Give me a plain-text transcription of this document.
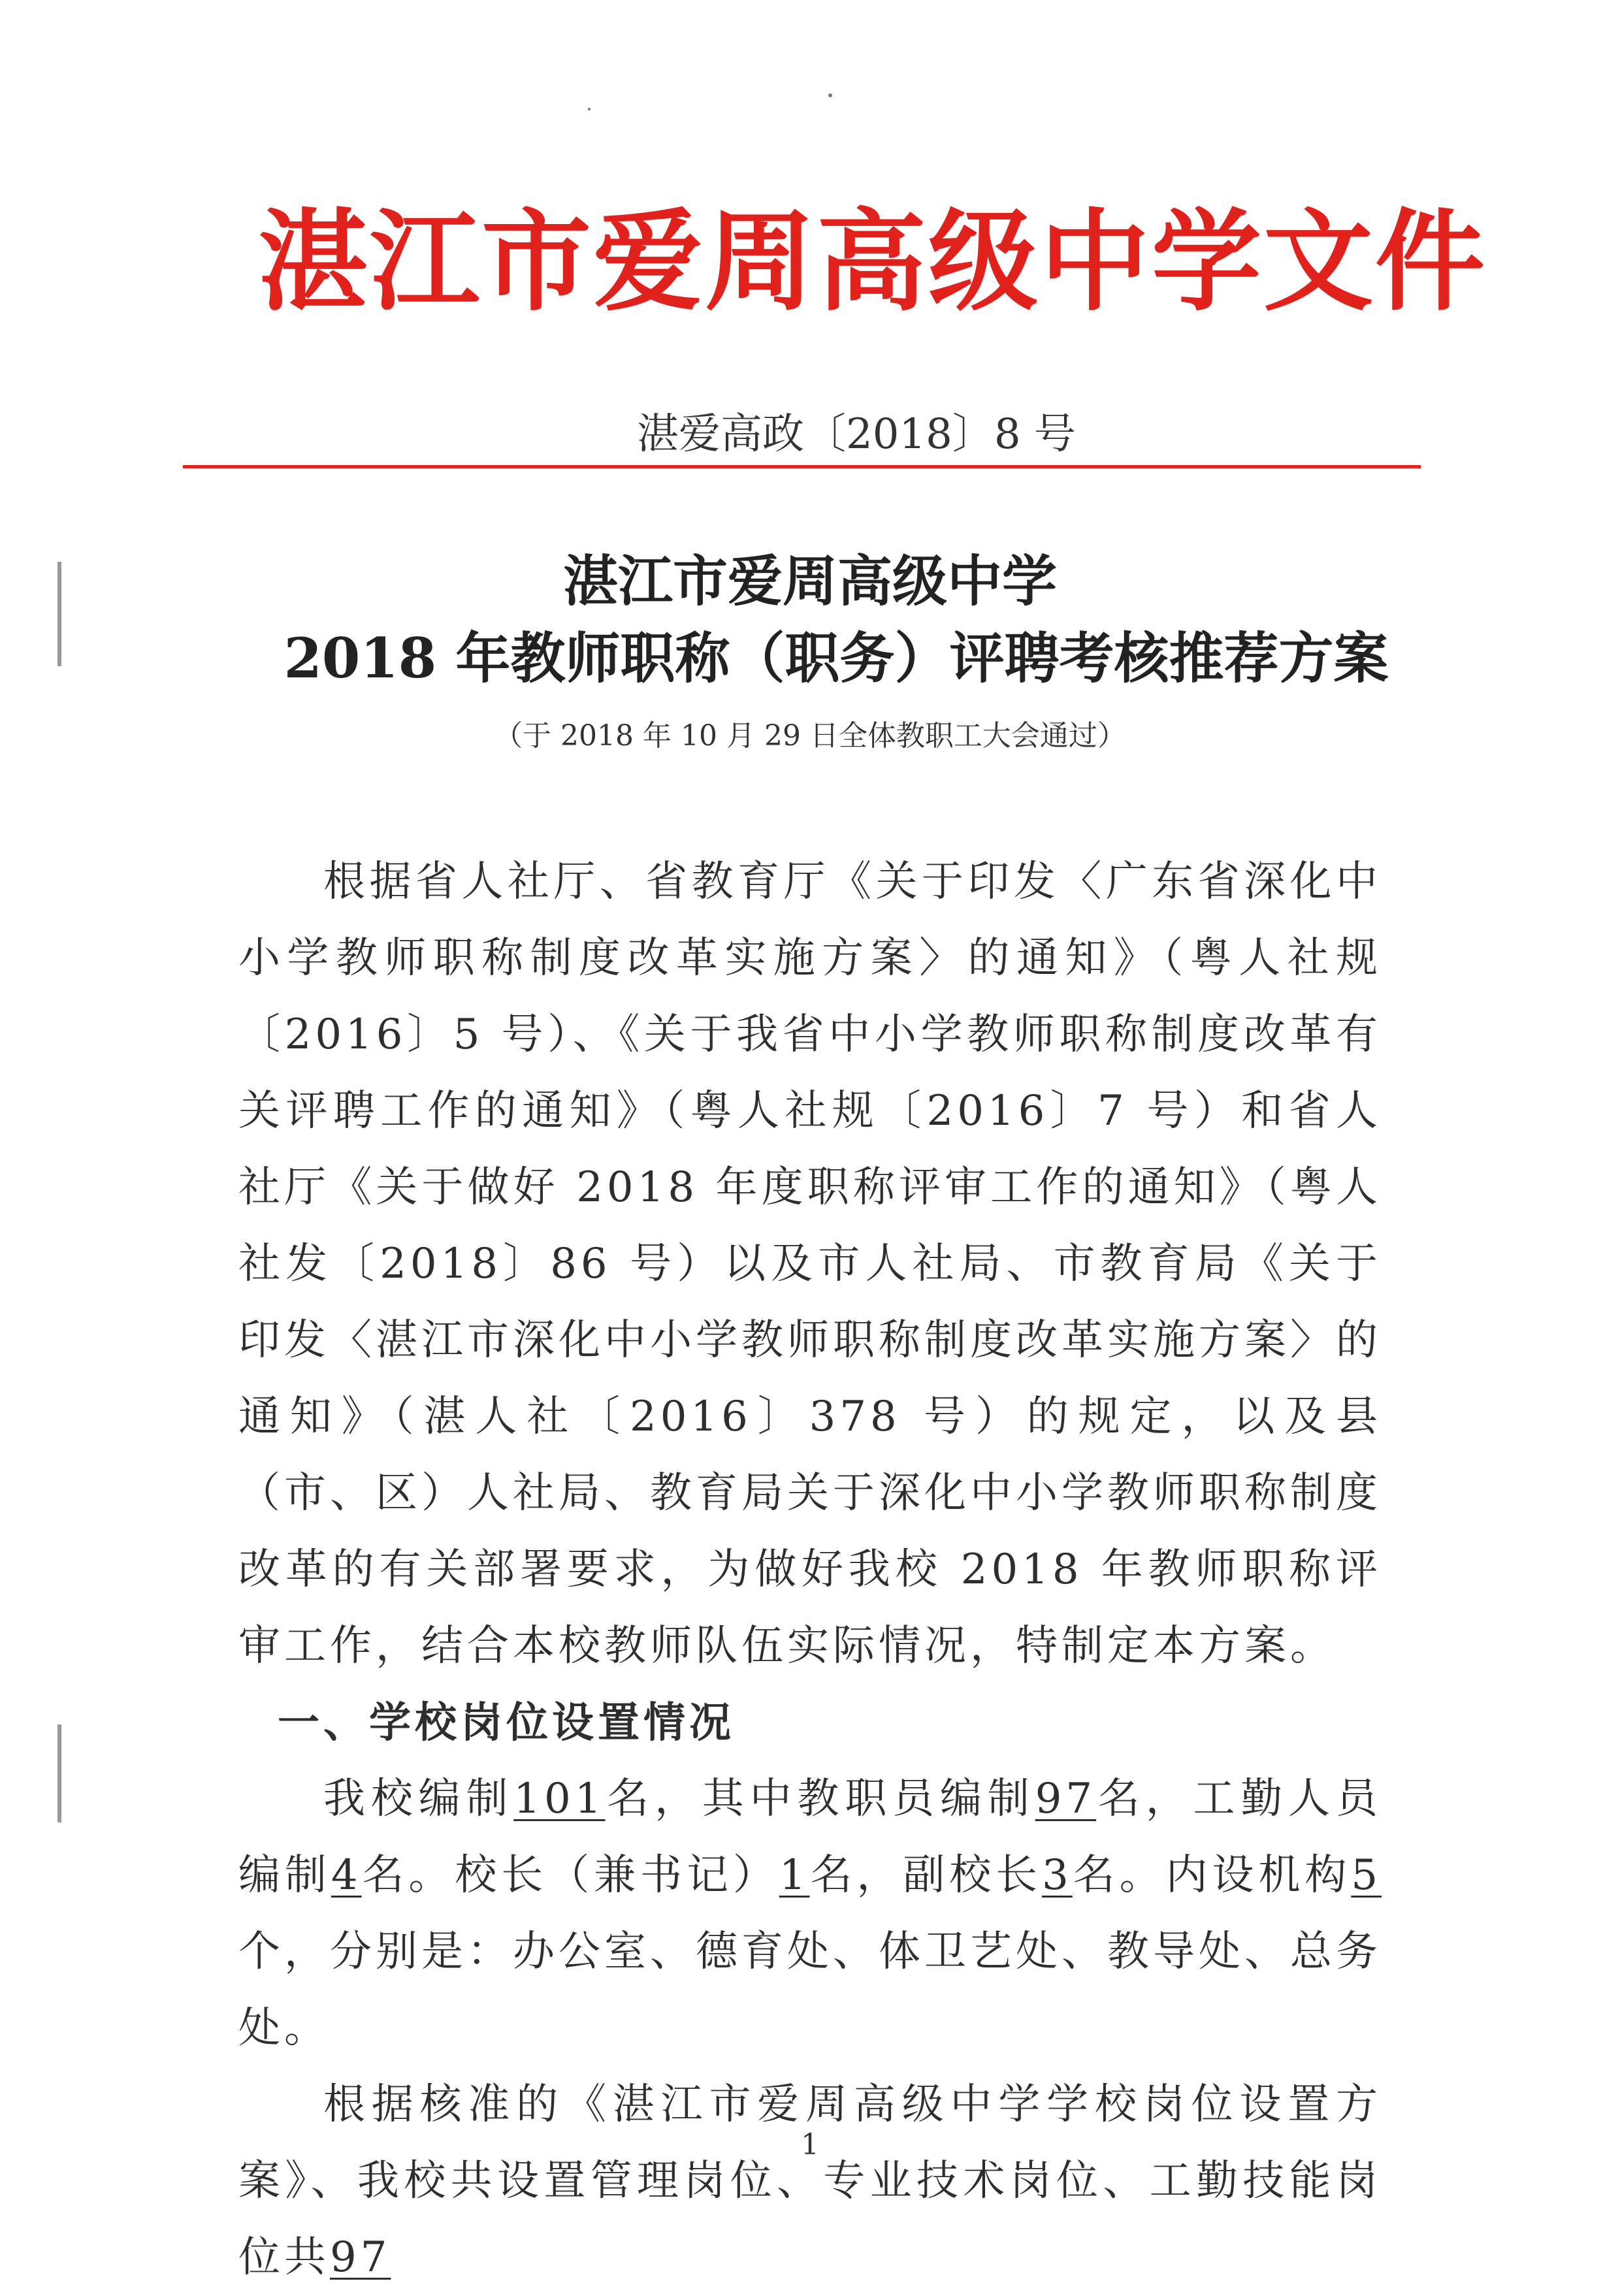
湛江市爱周高级中学文件
湛爱高政〔2018〕8 号
湛江市爱周高级中学
2018 年教师职称（职务）评聘考核推荐方案
（于 2018 年 10 月 29 日全体教职工大会通过）

根据省人社厅、省教育厅《关于印发〈广东省深化中小学教师职称制度改革实施方案〉的通知》（粤人社规〔2016〕5 号）、《关于我省中小学教师职称制度改革有关评聘工作的通知》（粤人社规〔2016〕7 号）和省人社厅《关于做好 2018 年度职称评审工作的通知》（粤人社发〔2018〕86 号）以及市人社局、市教育局《关于印发〈湛江市深化中小学教师职称制度改革实施方案〉的通知》（湛人社〔2016〕378 号）的规定，以及县（市、区）人社局、教育局关于深化中小学教师职称制度改革的有关部署要求，为做好我校 2018 年教师职称评审工作，结合本校教师队伍实际情况，特制定本方案。

一、学校岗位设置情况

我校编制101名，其中教职员编制97名，工勤人员编制4名。校长（兼书记）1名，副校长3名。内设机构5个，分别是：办公室、德育处、体卫艺处、教导处、总务处。

根据核准的《湛江市爱周高级中学学校岗位设置方案》、我校共设置管理岗位、专业技术岗位、工勤技能岗位共97

1
